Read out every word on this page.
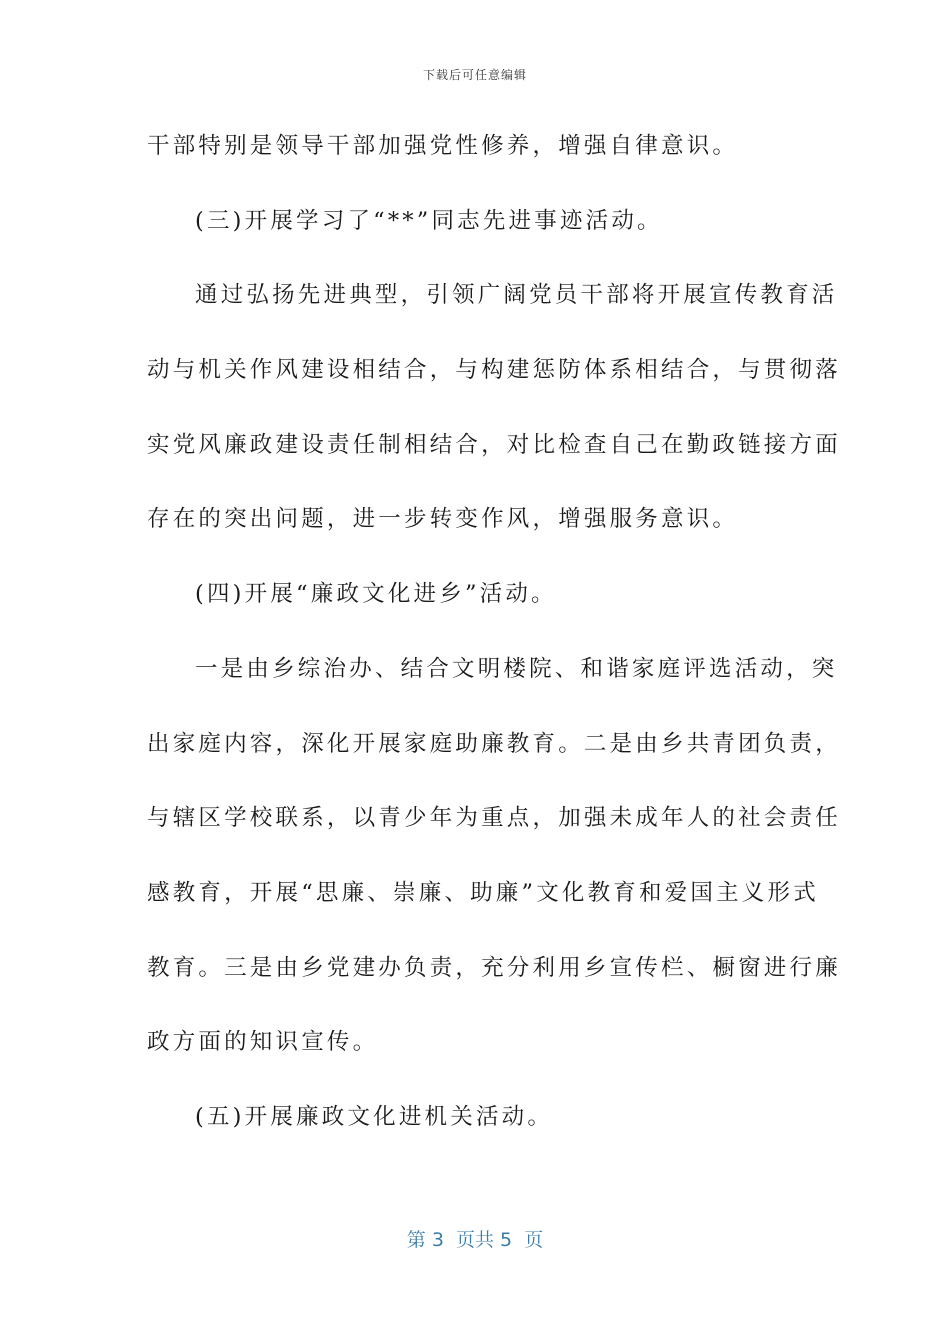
下载后可任意编辑
干部特别是领导干部加强党性修养，增强自律意识。
(三)开展学习了“**”同志先进事迹活动。
通过弘扬先进典型，引领广阔党员干部将开展宣传教育活
动与机关作风建设相结合，与构建惩防体系相结合，与贯彻落
实党风廉政建设责任制相结合，对比检查自己在勤政链接方面
存在的突出问题，进一步转变作风，增强服务意识。
(四)开展“廉政文化进乡”活动。
一是由乡综治办、结合文明楼院、和谐家庭评选活动，突
出家庭内容，深化开展家庭助廉教育。二是由乡共青团负责，
与辖区学校联系，以青少年为重点，加强未成年人的社会责任
感教育，开展“思廉、崇廉、助廉”文化教育和爱国主义形式
教育。三是由乡党建办负责，充分利用乡宣传栏、橱窗进行廉
政方面的知识宣传。
(五)开展廉政文化进机关活动。
第 3  页共 5  页
